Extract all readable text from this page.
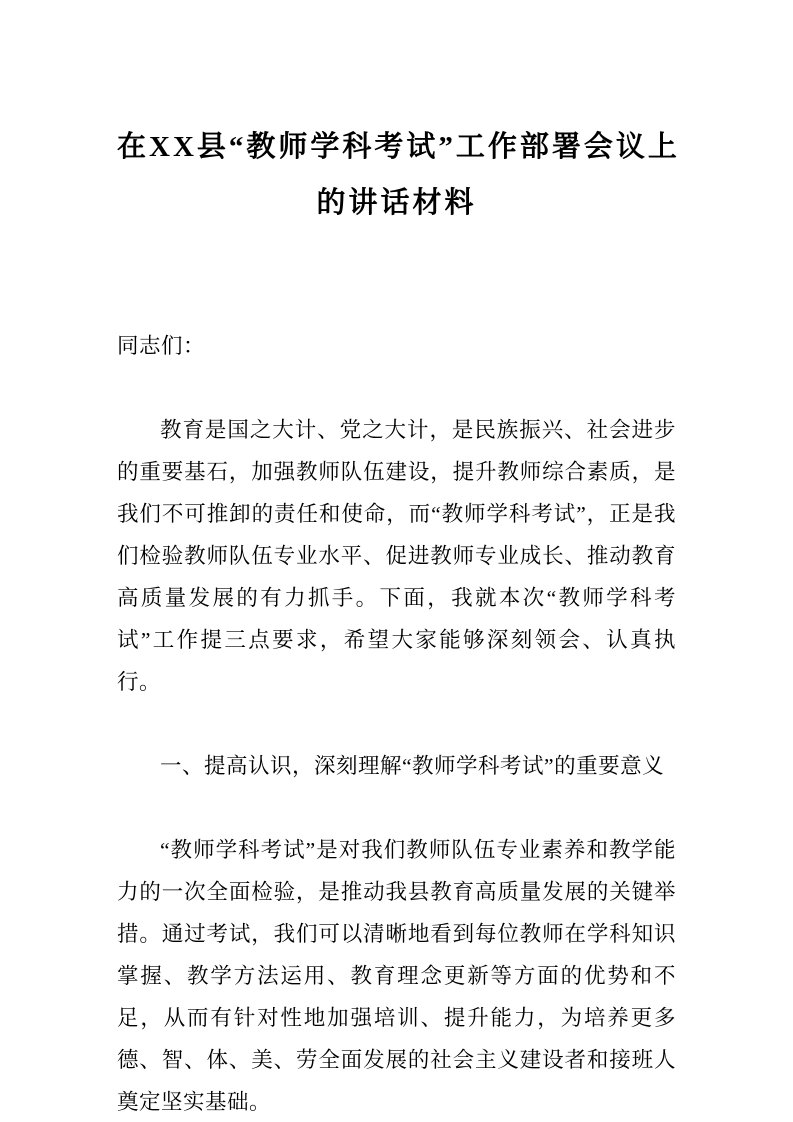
在XX县“教师学科考试”工作部署会议上
的讲话材料

同志们：

教育是国之大计、党之大计，是民族振兴、社会进步的重要基石，加强教师队伍建设，提升教师综合素质，是我们不可推卸的责任和使命，而“教师学科考试”，正是我们检验教师队伍专业水平、促进教师专业成长、推动教育高质量发展的有力抓手。下面，我就本次“教师学科考试”工作提三点要求，希望大家能够深刻领会、认真执行。

一、提高认识，深刻理解“教师学科考试”的重要意义

“教师学科考试”是对我们教师队伍专业素养和教学能力的一次全面检验，是推动我县教育高质量发展的关键举措。通过考试，我们可以清晰地看到每位教师在学科知识掌握、教学方法运用、教育理念更新等方面的优势和不足，从而有针对性地加强培训、提升能力，为培养更多德、智、体、美、劳全面发展的社会主义建设者和接班人奠定坚实基础。
